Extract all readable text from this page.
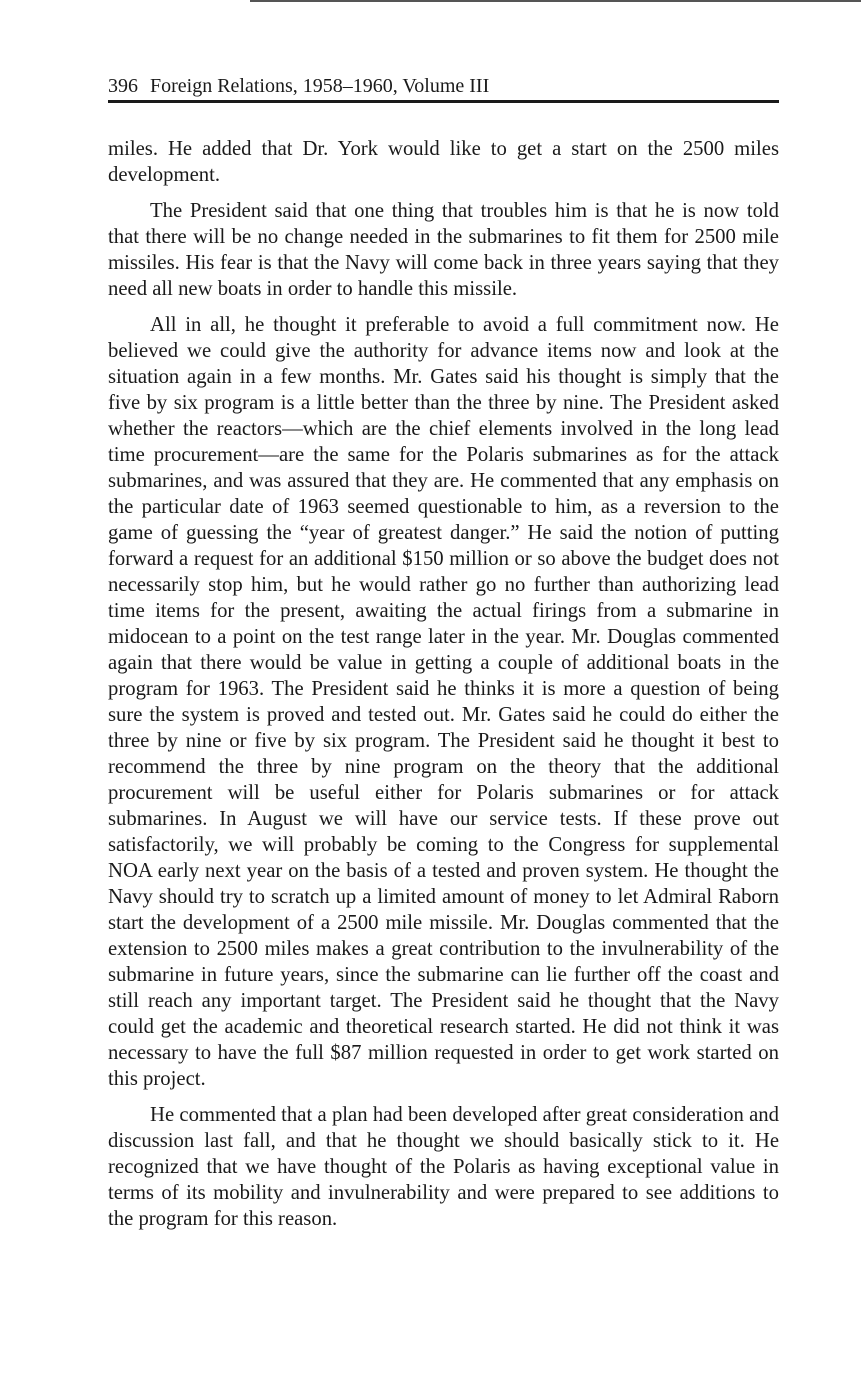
396 Foreign Relations, 1958–1960, Volume III

miles. He added that Dr. York would like to get a start on the 2500 miles development.

The President said that one thing that troubles him is that he is now told that there will be no change needed in the submarines to fit them for 2500 mile missiles. His fear is that the Navy will come back in three years saying that they need all new boats in order to handle this missile.

All in all, he thought it preferable to avoid a full commitment now. He believed we could give the authority for advance items now and look at the situation again in a few months. Mr. Gates said his thought is simply that the five by six program is a little better than the three by nine. The President asked whether the reactors—which are the chief elements involved in the long lead time procurement—are the same for the Polaris submarines as for the attack submarines, and was assured that they are. He commented that any emphasis on the particular date of 1963 seemed questionable to him, as a reversion to the game of guessing the “year of greatest danger.” He said the notion of putting forward a request for an additional $150 million or so above the budget does not necessarily stop him, but he would rather go no further than authorizing lead time items for the present, awaiting the actual firings from a submarine in midocean to a point on the test range later in the year. Mr. Douglas commented again that there would be value in getting a couple of additional boats in the program for 1963. The President said he thinks it is more a question of being sure the system is proved and tested out. Mr. Gates said he could do either the three by nine or five by six program. The President said he thought it best to recommend the three by nine program on the theory that the additional procurement will be useful either for Polaris submarines or for attack submarines. In August we will have our service tests. If these prove out satisfactorily, we will probably be coming to the Congress for supplemental NOA early next year on the basis of a tested and proven system. He thought the Navy should try to scratch up a limited amount of money to let Admiral Raborn start the development of a 2500 mile missile. Mr. Douglas commented that the extension to 2500 miles makes a great contribution to the invulnerability of the submarine in future years, since the submarine can lie further off the coast and still reach any important target. The President said he thought that the Navy could get the academic and theoretical research started. He did not think it was necessary to have the full $87 million requested in order to get work started on this project.

He commented that a plan had been developed after great consideration and discussion last fall, and that he thought we should basically stick to it. He recognized that we have thought of the Polaris as having exceptional value in terms of its mobility and invulnerability and were prepared to see additions to the program for this reason.
